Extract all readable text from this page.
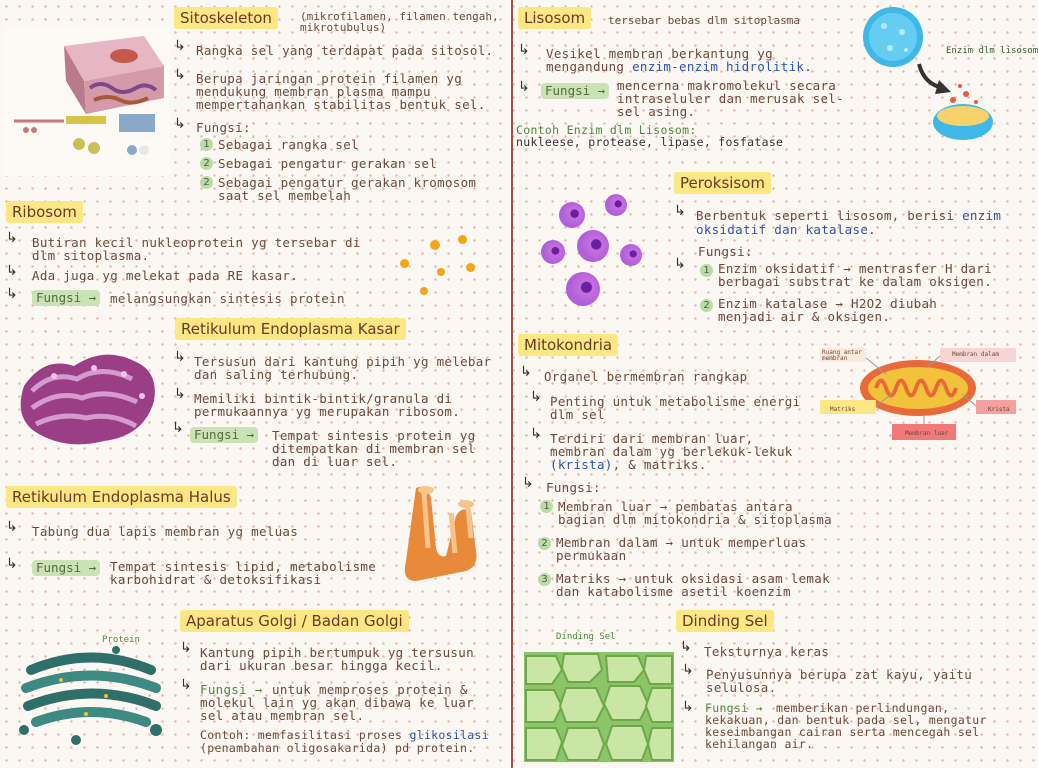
Sitoskeleton	(mikrofilamen, filamen tengah,
mikrotubulus)
↳ Rangka sel yang terdapat pada sitosol.
↳ Berupa jaringan protein filamen yg
mendukung membran plasma mampu
mempertahankan stabilitas bentuk sel.
↳ Fungsi:
1 Sebagai rangka sel
2 Sebagai pengatur gerakan sel
2 Sebagai pengatur gerakan kromosom
saat sel membelah
Ribosom
↳ Butiran kecil nukleoprotein yg tersebar di
dlm sitoplasma.
↳ Ada juga yg melekat pada RE kasar.
↳	Fungsi →	melangsungkan sintesis protein
Retikulum Endoplasma Kasar
↳ Tersusun dari kantung pipih yg melebar
dan saling terhubung.
↳ Memiliki bintik-bintik/granula di
permukaannya yg merupakan ribosom.
↳ Fungsi →	Tempat sintesis protein yg
ditempatkan di membran sel
dan di luar sel.
Retikulum Endoplasma Halus
↳ Tabung dua lapis membran yg meluas
↳	Fungsi →	Tempat sintesis lipid, metabolisme
karbohidrat & detoksifikasi
Aparatus Golgi / Badan Golgi
Protein	↳ Kantung pipih bertumpuk yg tersusun
dari ukuran besar hingga kecil.
↳ Fungsi → untuk memproses protein &
molekul lain yg akan dibawa ke luar
sel atau membran sel.
Contoh: memfasilitasi proses glikosilasi
(penambahan oligosakarida) pd protein.
Lisosom	tersebar bebas dlm sitoplasma
Enzim dlm lisosom
↳ Vesikel membran berkantung yg
mengandung enzim-enzim hidrolitik.
↳	Fungsi → mencerna makromolekul secara
intraseluler dan merusak sel-
sel asing.
Contoh Enzim dlm Lisosom:
nukleese, protease, lipase, fosfatase
Peroksisom
↳ Berbentuk seperti lisosom, berisi enzim
oksidatif dan katalase.
Fungsi:
↳	1 Enzim oksidatif → mentrasfer H dari
berbagai substrat ke dalam oksigen.
2 Enzim katalase → H2O2 diubah
menjadi air & oksigen.
Mitokondria	Ruang antar membran
Membran dalam
Matriks	Krista
Membran luar
↳ Organel bermembran rangkap
↳ Penting untuk metabolisme energi
dlm sel
↳ Terdiri dari membran luar,
membran dalam yg berlekuk-lekuk
(krista), & matriks.
↳ Fungsi:
1 Membran luar → pembatas antara
bagian dlm mitokondria & sitoplasma
2 Membran dalam → untuk memperluas
permukaan
3 Matriks → untuk oksidasi asam lemak
dan katabolisme asetil koenzim
Dinding Sel
Dinding Sel
↳ Teksturnya keras
↳ Penyusunnya berupa zat kayu, yaitu
selulosa.
↳ Fungsi → memberikan perlindungan,
kekakuan, dan bentuk pada sel, mengatur
keseimbangan cairan serta mencegah sel
kehilangan air.
